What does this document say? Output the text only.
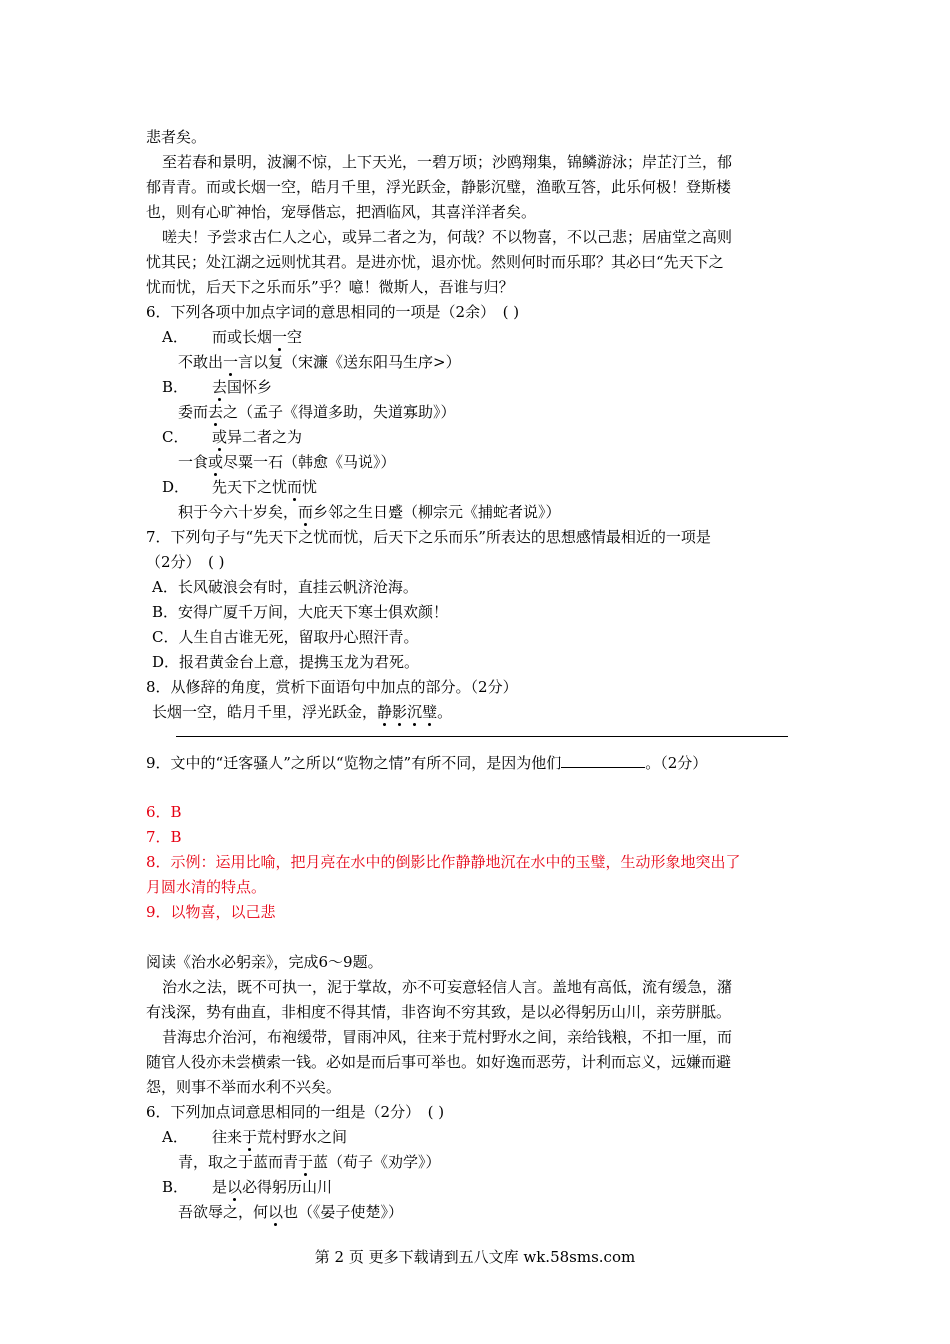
悲者矣。
至若春和景明，波澜不惊，上下天光，一碧万顷；沙鸥翔集，锦鳞游泳；岸芷汀兰，郁
郁青青。而或长烟一空，皓月千里，浮光跃金，静影沉璧，渔歌互答，此乐何极！登斯楼
也，则有心旷神怡，宠辱偕忘，把酒临风，其喜洋洋者矣。
嗟夫！予尝求古仁人之心，或异二者之为，何哉？不以物喜，不以己悲；居庙堂之高则
忧其民；处江湖之远则忧其君。是进亦忧，退亦忧。然则何时而乐耶？其必曰“先天下之
忧而忧，后天下之乐而乐”乎？噫！微斯人，吾谁与归？
6．下列各项中加点字词的意思相同的一项是（2余）　( )
A． 而或长烟一空
不敢出一言以复（宋濂《送东阳马生序>）
B． 去国怀乡
委而去之（孟子《得道多助，失道寡助》）
C． 或异二者之为
一食或尽粟一石（韩愈《马说》）
D． 先天下之忧而忧
积于今六十岁矣，而乡邻之生日蹙（柳宗元《捕蛇者说》）
7．下列句子与“先天下之忧而忧，后天下之乐而乐”所表达的思想感情最相近的一项是
（2分）　( )
A．长风破浪会有时，直挂云帆济沧海。
B．安得广厦千万间，大庇天下寒士俱欢颜！
C．人生自古谁无死，留取丹心照汗青。
D．报君黄金台上意，提携玉龙为君死。
8．从修辞的角度，赏析下面语句中加点的部分。（2分）
长烟一空，皓月千里，浮光跃金，静影沉璧。
9．文中的“迁客骚人”之所以“览物之情”有所不同，是因为他们	。（2分）
6．B
7．B
8．示例：运用比喻，把月亮在水中的倒影比作静静地沉在水中的玉璧，生动形象地突出了
月圆水清的特点。
9．以物喜，以己悲
阅读《治水必躬亲》，完成6～9题。
治水之法，既不可执一，泥于掌故，亦不可妄意轻信人言。盖地有高低，流有缓急，潴
有浅深，势有曲直，非相度不得其情，非咨询不穷其致，是以必得躬历山川，亲劳胼胝。
昔海忠介治河，布袍缓带，冒雨冲风，往来于荒村野水之间，亲给钱粮，不扣一厘，而
随官人役亦未尝横索一钱。必如是而后事可举也。如好逸而恶劳，计利而忘义，远嫌而避
怨，则事不举而水利不兴矣。
6．下列加点词意思相同的一组是（2分）　( )
A． 往来于荒村野水之间
青，取之于蓝而青于蓝（荀子《劝学》）
B． 是以必得躬历山川
吾欲辱之，何以也（《晏子使楚》）
第 2 页 更多下载请到五八文库 wk.58sms.com
